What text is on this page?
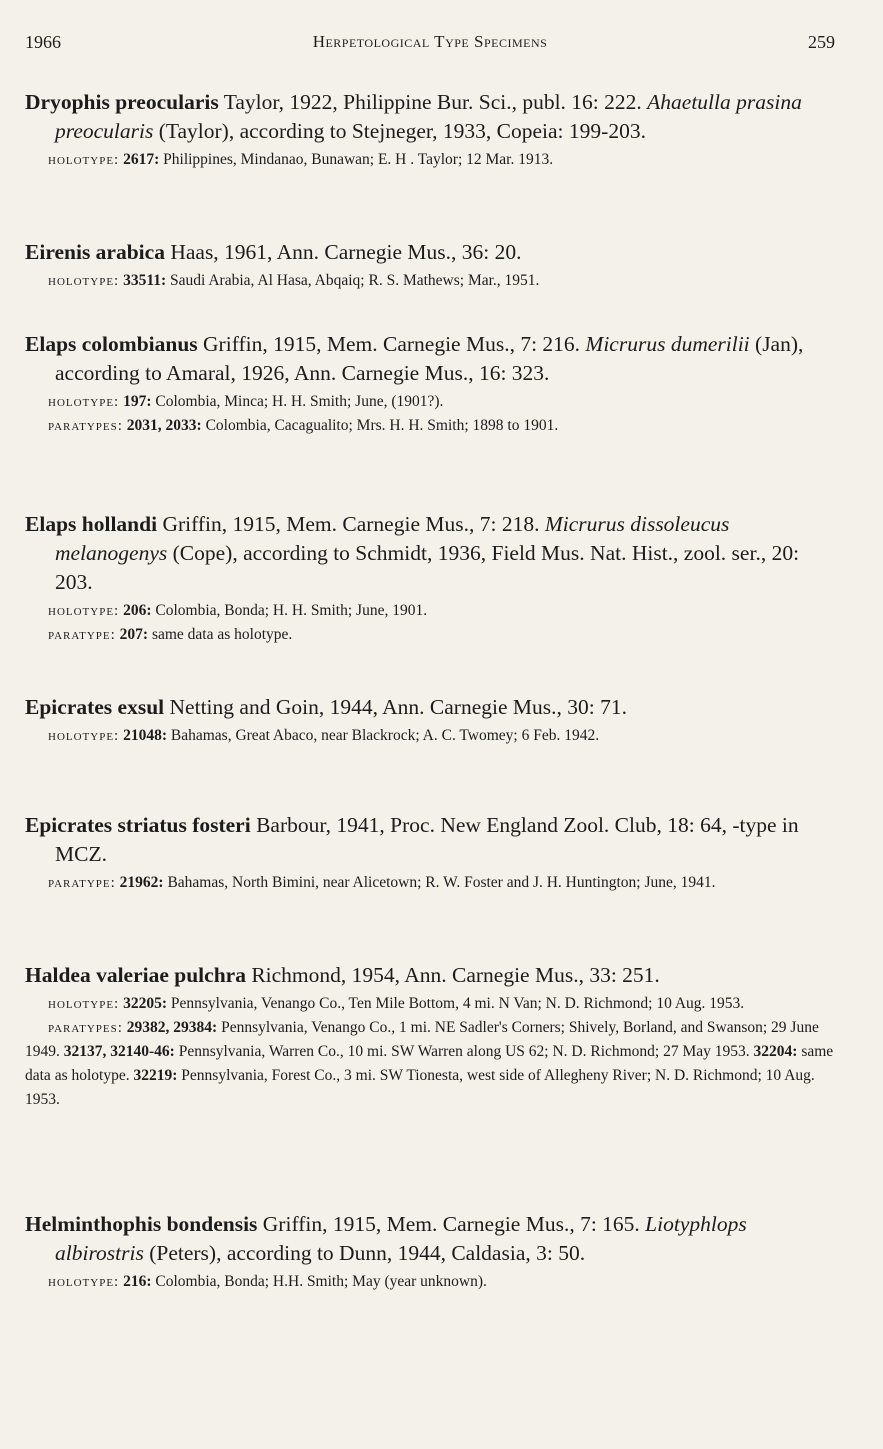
1966	Herpetological Type Specimens	259

Dryophis preocularis Taylor, 1922, Philippine Bur. Sci., publ. 16: 222. Ahaetulla prasina preocularis (Taylor), according to Stejneger, 1933, Copeia: 199-203.

holotype: 2617: Philippines, Mindanao, Bunawan; E. H . Taylor; 12 Mar. 1913.

Eirenis arabica Haas, 1961, Ann. Carnegie Mus., 36: 20.

holotype: 33511: Saudi Arabia, Al Hasa, Abqaiq; R. S. Mathews; Mar., 1951.

Elaps colombianus Griffin, 1915, Mem. Carnegie Mus., 7: 216. Micrurus dumerilii (Jan), according to Amaral, 1926, Ann. Carnegie Mus., 16: 323.

holotype: 197: Colombia, Minca; H. H. Smith; June, (1901?).

paratypes: 2031, 2033: Colombia, Cacagualito; Mrs. H. H. Smith; 1898 to 1901.

Elaps hollandi Griffin, 1915, Mem. Carnegie Mus., 7: 218. Micrurus dissoleucus melanogenys (Cope), according to Schmidt, 1936, Field Mus. Nat. Hist., zool. ser., 20: 203.

holotype: 206: Colombia, Bonda; H. H. Smith; June, 1901.

paratype: 207: same data as holotype.

Epicrates exsul Netting and Goin, 1944, Ann. Carnegie Mus., 30: 71.

holotype: 21048: Bahamas, Great Abaco, near Blackrock; A. C. Twomey; 6 Feb. 1942.

Epicrates striatus fosteri Barbour, 1941, Proc. New England Zool. Club, 18: 64, -type in MCZ.

paratype: 21962: Bahamas, North Bimini, near Alicetown; R. W. Foster and J. H. Huntington; June, 1941.

Haldea valeriae pulchra Richmond, 1954, Ann. Carnegie Mus., 33: 251.

holotype: 32205: Pennsylvania, Venango Co., Ten Mile Bottom, 4 mi. N Van; N. D. Richmond; 10 Aug. 1953.

paratypes: 29382, 29384: Pennsylvania, Venango Co., 1 mi. NE Sadler's Corners; Shively, Borland, and Swanson; 29 June 1949. 32137, 32140-46: Pennsylvania, Warren Co., 10 mi. SW Warren along US 62; N. D. Richmond; 27 May 1953. 32204: same data as holotype. 32219: Pennsylvania, Forest Co., 3 mi. SW Tionesta, west side of Allegheny River; N. D. Richmond; 10 Aug. 1953.

Helminthophis bondensis Griffin, 1915, Mem. Carnegie Mus., 7: 165. Liotyphlops albirostris (Peters), according to Dunn, 1944, Caldasia, 3: 50.

holotype: 216: Colombia, Bonda; H.H. Smith; May (year unknown).
